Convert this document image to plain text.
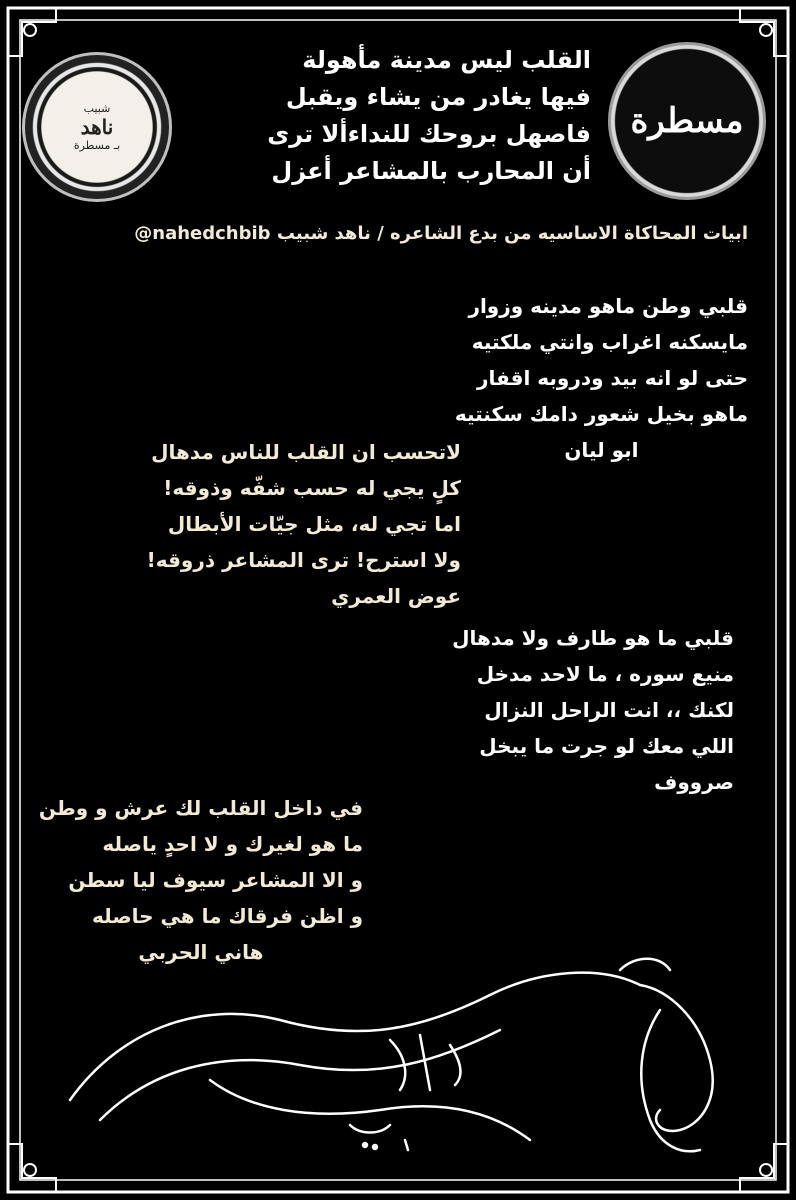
شبيب
ناهد
بـ مسطرة
مسطرة
القلب ليس مدينة مأهولة
فيها يغادر من يشاء ويقبل
فاصهل بروحك للنداءألا ترى
أن المحارب بالمشاعر أعزل
ابيات المحاكاة الاساسيه من بدع الشاعره / ناهد شبيب nahedchbib@
قلبي وطن ماهو مدينه وزوار
مايسكنه اغراب وانتي ملكتيه
حتى لو انه بيد ودروبه اقفار
ماهو بخيل شعور دامك سكنتيه
ابو ليان
لاتحسب ان القلب للناس مدهال
كلٍ يجي له حسب شفّه وذوقه!
اما تجي له، مثل جيّات الأبطال
ولا استرح! ترى المشاعر ذروقه!
عوض العمري
قلبي ما هو طارف ولا مدهال
منيع سوره ، ما لاحد مدخل
لكنك ،، انت الراحل النزال
اللي معك لو جرت ما يبخل
صرووف
في داخل القلب لك عرش و وطن
ما هو لغيرك و لا احدٍ ياصله
و الا المشاعر سيوف ليا سطن
و اظن فرقاك ما هي حاصله
هاني الحربي
